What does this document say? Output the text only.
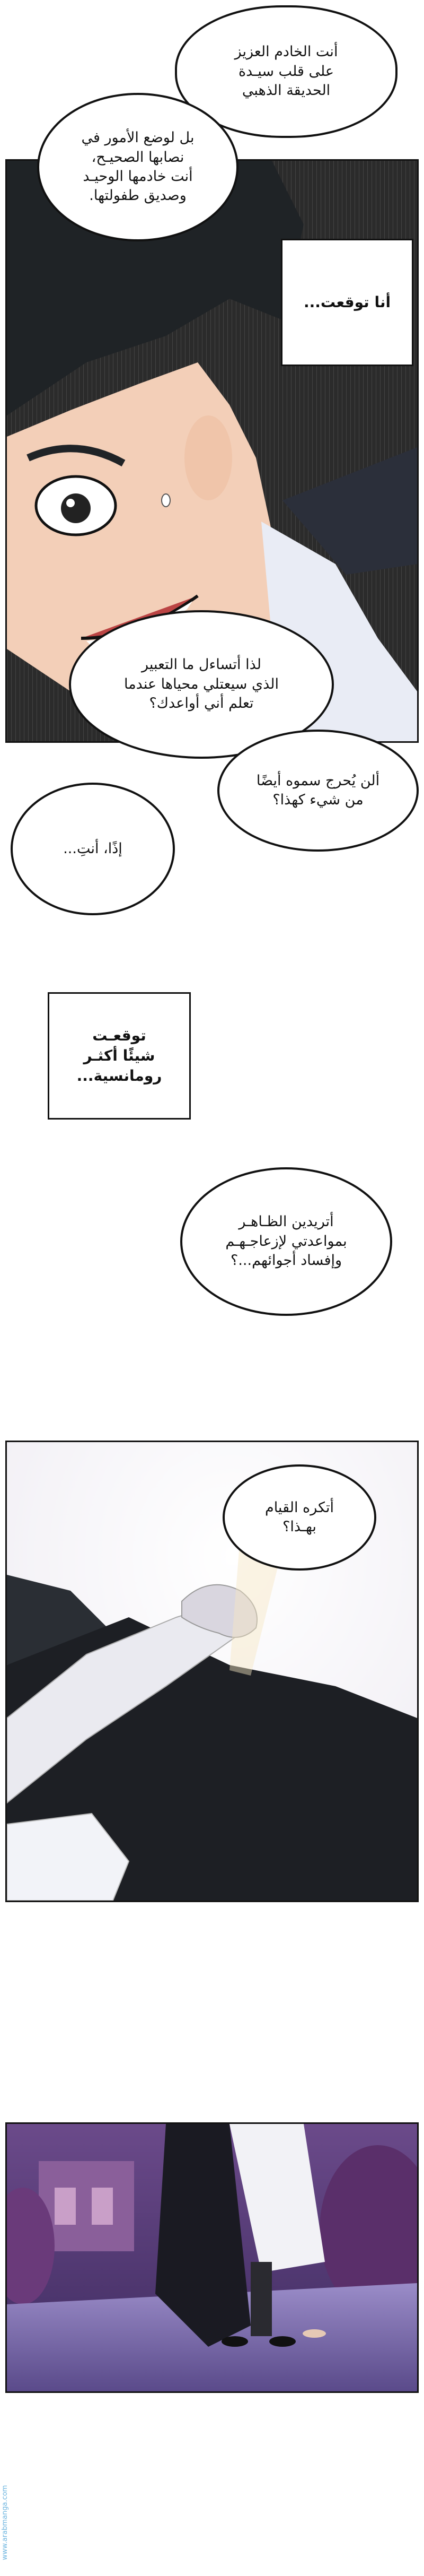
أنت الخادم العزيز
على قلب سيـدة
الحديقة الذهبي
بل لوضع الأمور في
نصابها الصحيـح،
أنت خادمها الوحيـد
وصديق طفولتها.
أنا توقعت...
لذا أتساءل ما التعبير
الذي سيعتلي محياها عندما
تعلم أني أواعدك؟
ألن يُحرج سموه أيضًا
من شيء كهذا؟
إذًا، أنتِ...
توقعـت
شيئًا أكثـر
رومانسية...
أتريدين الظـاهـر
بمواعدتي لإزعاجـهـم
وإفساد أجوائهم...؟
أتكره القيام
بهـذا؟
www.arabmanga.com
